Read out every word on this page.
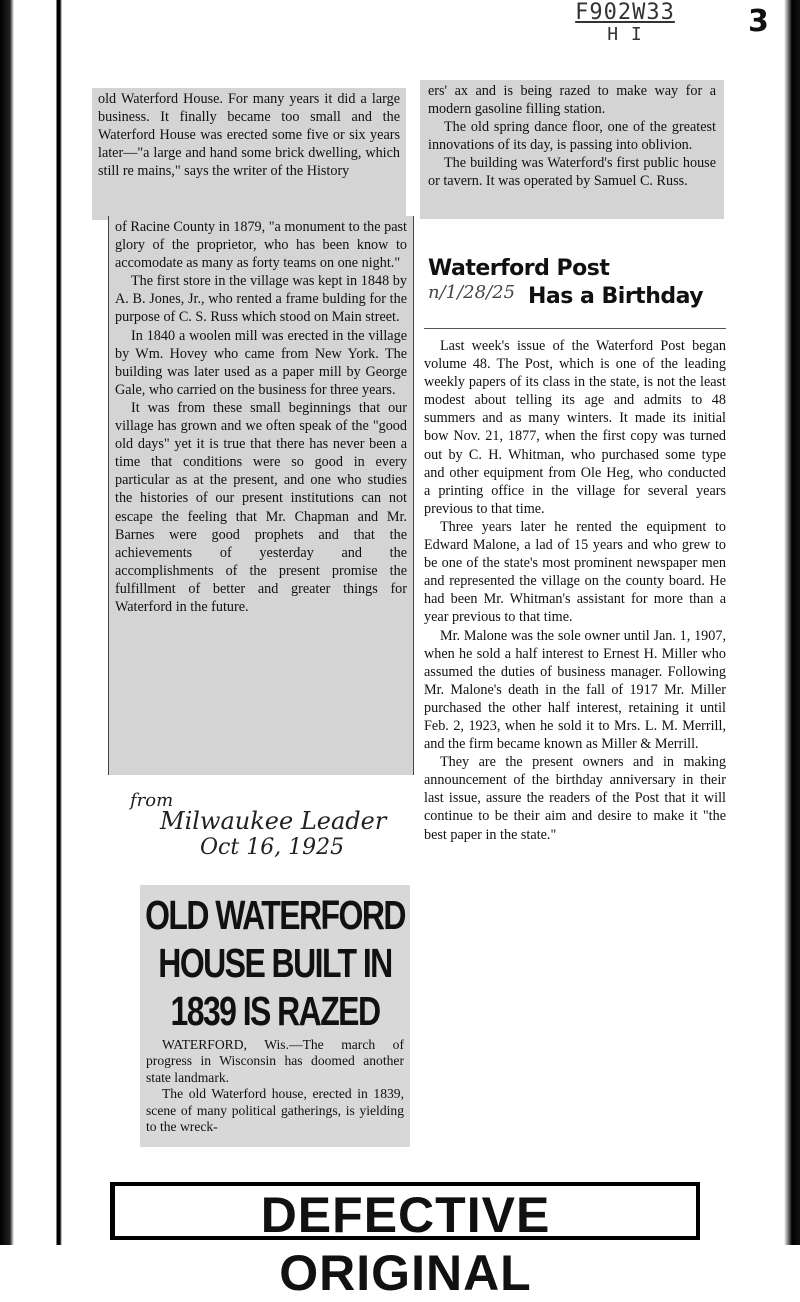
F902W33
H I	3

old Waterford House. For many years it did a large business. It finally became too small and the Waterford House was erected some five or six years later—"a large and hand some brick dwelling, which still re mains," says the writer of the History

of Racine County in 1879, "a monument to the past glory of the proprietor, who has been know to accomodate as many as forty teams on one night."

The first store in the village was kept in 1848 by A. B. Jones, Jr., who rented a frame bulding for the purpose of C. S. Russ which stood on Main street.

In 1840 a woolen mill was erected in the village by Wm. Hovey who came from New York. The building was later used as a paper mill by George Gale, who carried on the business for three years.

It was from these small beginnings that our village has grown and we often speak of the "good old days" yet it is true that there has never been a time that conditions were so good in every particular as at the present, and one who studies the histories of our present institutions can not escape the feeling that Mr. Chapman and Mr. Barnes were good prophets and that the achievements of yesterday and the accomplishments of the present promise the fulfillment of better and greater things for Waterford in the future.

ers' ax and is being razed to make way for a modern gasoline filling station.

The old spring dance floor, one of the greatest innovations of its day, is passing into oblivion.

The building was Waterford's first public house or tavern. It was operated by Samuel C. Russ.

Waterford Post
n/1/28/25 Has a Birthday

Last week's issue of the Waterford Post began volume 48. The Post, which is one of the leading weekly papers of its class in the state, is not the least modest about telling its age and admits to 48 summers and as many winters. It made its initial bow Nov. 21, 1877, when the first copy was turned out by C. H. Whitman, who purchased some type and other equipment from Ole Heg, who conducted a printing office in the village for several years previous to that time.

Three years later he rented the equipment to Edward Malone, a lad of 15 years and who grew to be one of the state's most prominent newspaper men and represented the village on the county board. He had been Mr. Whitman's assistant for more than a year previous to that time.

Mr. Malone was the sole owner until Jan. 1, 1907, when he sold a half interest to Ernest H. Miller who assumed the duties of business manager. Following Mr. Malone's death in the fall of 1917 Mr. Miller purchased the other half interest, retaining it until Feb. 2, 1923, when he sold it to Mrs. L. M. Merrill, and the firm became known as Miller & Merrill.

They are the present owners and in making announcement of the birthday anniversary in their last issue, assure the readers of the Post that it will continue to be their aim and desire to make it "the best paper in the state."

from
Milwaukee Leader
Oct 16, 1925
OLD WATERFORD
HOUSE BUILT IN
1839 IS RAZED

WATERFORD, Wis.—The march of progress in Wisconsin has doomed another state landmark.

The old Waterford house, erected in 1839, scene of many political gatherings, is yielding to the wreck-

DEFECTIVE ORIGINAL
